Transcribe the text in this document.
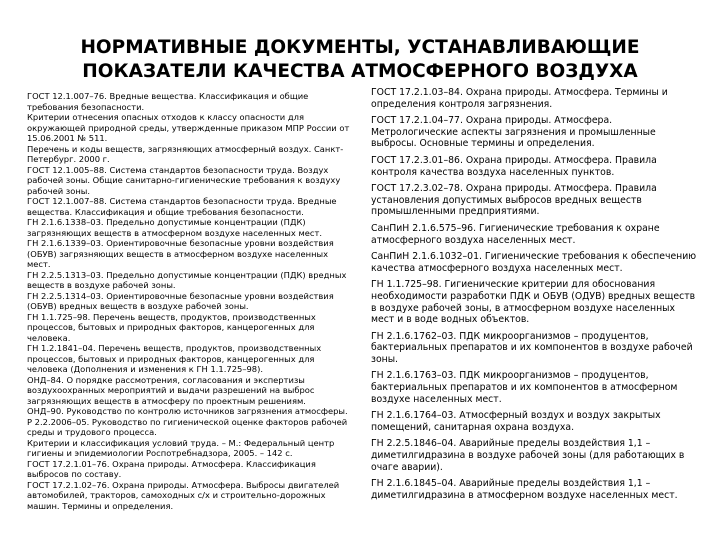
НОРМАТИВНЫЕ ДОКУМЕНТЫ, УСТАНАВЛИВАЮЩИЕ
ПОКАЗАТЕЛИ КАЧЕСТВА АТМОСФЕРНОГО ВОЗДУХА

ГОСТ 12.1.007–76. Вредные вещества. Классификация и общие требования безопасности.

Критерии отнесения опасных отходов к классу опасности для окружающей природной среды, утвержденные приказом МПР России от 15.06.2001 № 511.

Перечень и коды веществ, загрязняющих атмосферный воздух. Санкт-Петербург. 2000 г.

ГОСТ 12.1.005–88. Система стандартов безопасности труда. Воздух рабочей зоны. Общие санитарно-гигиенические требования к воздуху рабочей зоны.

ГОСТ 12.1.007–88. Система стандартов безопасности труда. Вредные вещества. Классификация и общие требования безопасности.

ГН 2.1.6.1338–03. Предельно допустимые концентрации (ПДК) загрязняющих веществ в атмосферном воздухе населенных мест.

ГН 2.1.6.1339–03. Ориентировочные безопасные уровни воздействия (ОБУВ) загрязняющих веществ в атмосферном воздухе населенных мест.

ГН 2.2.5.1313–03. Предельно допустимые концентрации (ПДК) вредных веществ в воздухе рабочей зоны.

ГН 2.2.5.1314–03. Ориентировочные безопасные уровни воздействия (ОБУВ) вредных веществ в воздухе рабочей зоны.

ГН 1.1.725–98. Перечень веществ, продуктов, производственных процессов, бытовых и природных факторов, канцерогенных для человека.

ГН 1.2.1841–04. Перечень веществ, продуктов, производственных процессов, бытовых и природных факторов, канцерогенных для человека (Дополнения и изменения к ГН 1.1.725–98).

ОНД–84. О порядке рассмотрения, согласования и экспертизы воздухоохранных мероприятий и выдачи разрешений на выброс загрязняющих веществ в атмосферу по проектным решениям.

ОНД–90. Руководство по контролю источников загрязнения атмосферы.

Р 2.2.2006–05. Руководство по гигиенической оценке факторов рабочей среды и трудового процесса.

Критерии и классификация условий труда. – М.: Федеральный центр гигиены и эпидемиологии Роспотребнадзора, 2005. – 142 с.

ГОСТ 17.2.1.01–76. Охрана природы. Атмосфера. Классификация выбросов по составу.

ГОСТ 17.2.1.02–76. Охрана природы. Атмосфера. Выбросы двигателей автомобилей, тракторов, самоходных с/х и строительно-дорожных машин. Термины и определения.

ГОСТ 17.2.1.03–84. Охрана природы. Атмосфера. Термины и определения контроля загрязнения.

ГОСТ 17.2.1.04–77. Охрана природы. Атмосфера. Метрологические аспекты загрязнения и промышленные выбросы. Основные термины и определения.

ГОСТ 17.2.3.01–86. Охрана природы. Атмосфера. Правила контроля качества воздуха населенных пунктов.

ГОСТ 17.2.3.02–78. Охрана природы. Атмосфера. Правила установления допустимых выбросов вредных веществ промышленными предприятиями.

СанПиН 2.1.6.575–96. Гигиенические требования к охране атмосферного воздуха населенных мест.

СанПиН 2.1.6.1032–01. Гигиенические требования к обеспечению качества атмосферного воздуха населенных мест.

ГН 1.1.725–98. Гигиенические критерии для обоснования необходимости разработки ПДК и ОБУВ (ОДУВ) вредных веществ в воздухе рабочей зоны, в атмосферном воздухе населенных мест и в воде водных объектов.

ГН 2.1.6.1762–03. ПДК микроорганизмов – продуцентов, бактериальных препаратов и их компонентов в воздухе рабочей зоны.

ГН 2.1.6.1763–03. ПДК микроорганизмов – продуцентов, бактериальных препаратов и их компонентов в атмосферном воздухе населенных мест.

ГН 2.1.6.1764–03. Атмосферный воздух и воздух закрытых помещений, санитарная охрана воздуха.

ГН 2.2.5.1846–04. Аварийные пределы воздействия 1,1 – диметилгидразина в воздухе рабочей зоны (для работающих в очаге аварии).

ГН 2.1.6.1845–04. Аварийные пределы воздействия 1,1 – диметилгидразина в атмосферном воздухе населенных мест.
